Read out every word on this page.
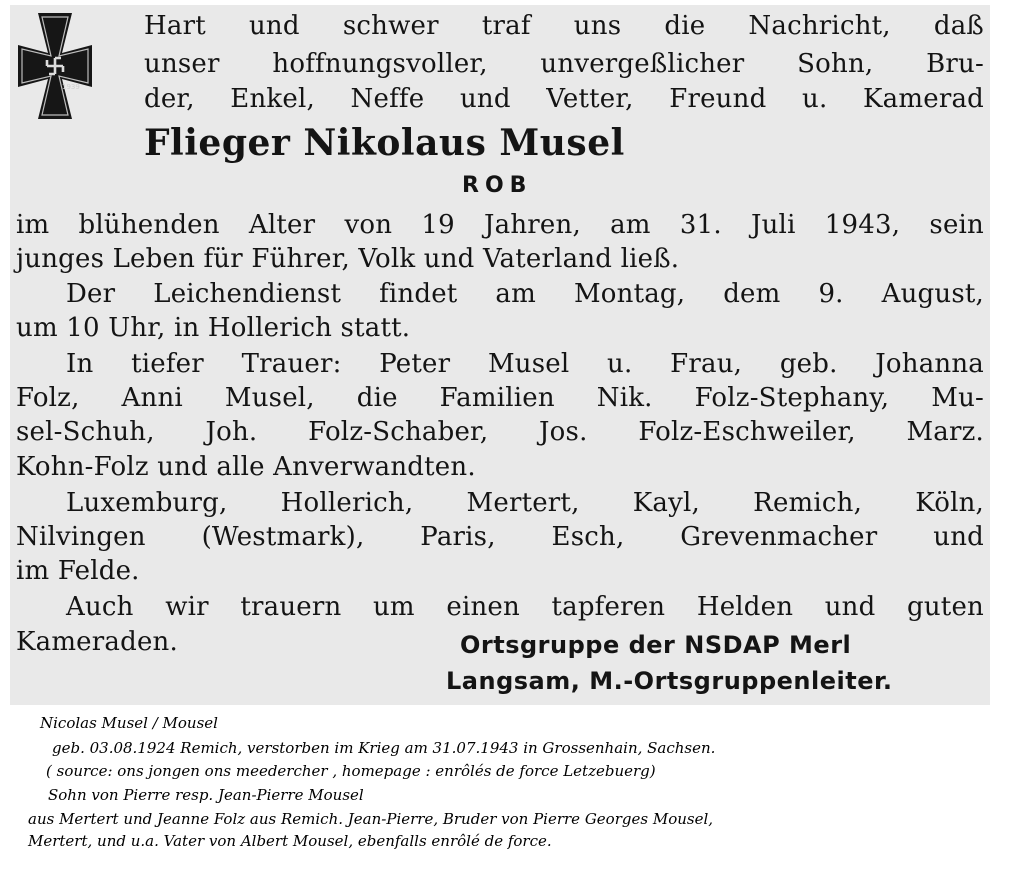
1939

Hart und schwer traf uns die Nachricht, daß

unser hoffnungsvoller, unvergeßlicher Sohn, Bru-

der, Enkel, Neffe und Vetter, Freund u. Kamerad

Flieger Nikolaus Musel

ROB

im blühenden Alter von 19 Jahren, am 31. Juli 1943, sein

junges Leben für Führer, Volk und Vaterland ließ.

Der Leichendienst findet am Montag, dem 9. August,

um 10 Uhr, in Hollerich statt.

In tiefer Trauer: Peter Musel u. Frau, geb. Johanna

Folz, Anni Musel, die Familien Nik. Folz-Stephany, Mu-

sel-Schuh, Joh. Folz-Schaber, Jos. Folz-Eschweiler, Marz.

Kohn-Folz und alle Anverwandten.

Luxemburg, Hollerich, Mertert, Kayl, Remich, Köln,

Nilvingen (Westmark), Paris, Esch, Grevenmacher und

im Felde.

Auch wir trauern um einen tapferen Helden und guten

Kameraden.	Ortsgruppe der NSDAP Merl

Langsam, M.-Ortsgruppenleiter.

Nicolas Musel / Mousel

geb. 03.08.1924 Remich, verstorben im Krieg am 31.07.1943 in Grossenhain, Sachsen.

( source: ons jongen ons meedercher , homepage : enrôlés de force Letzebuerg)

Sohn von Pierre resp. Jean-Pierre Mousel

aus Mertert und Jeanne Folz aus Remich. Jean-Pierre, Bruder von Pierre Georges Mousel,

Mertert, und u.a. Vater von Albert Mousel, ebenfalls enrôlé de force.
